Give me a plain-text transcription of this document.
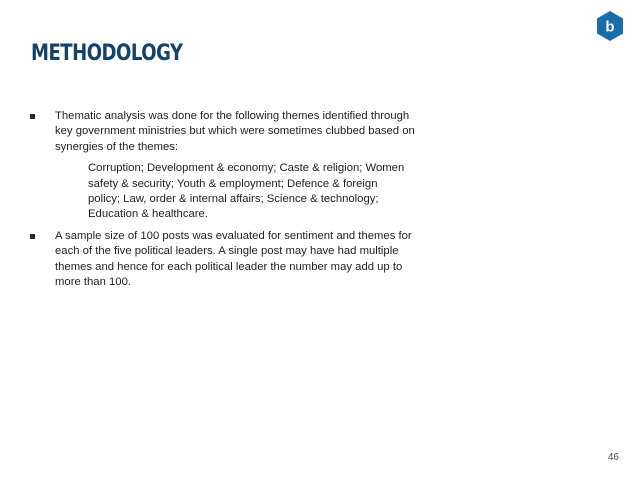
b
METHODOLOGY
Thematic analysis was done for the following themes identified through key government ministries but which were sometimes clubbed based on synergies of the themes:
Corruption; Development & economy; Caste & religion; Women safety & security; Youth & employment; Defence & foreign policy; Law, order & internal affairs; Science & technology; Education & healthcare.
A sample size of 100 posts was evaluated for sentiment and themes for each of the five political leaders. A single post may have had multiple themes and hence for each political leader the number may add up to more than 100.
46
